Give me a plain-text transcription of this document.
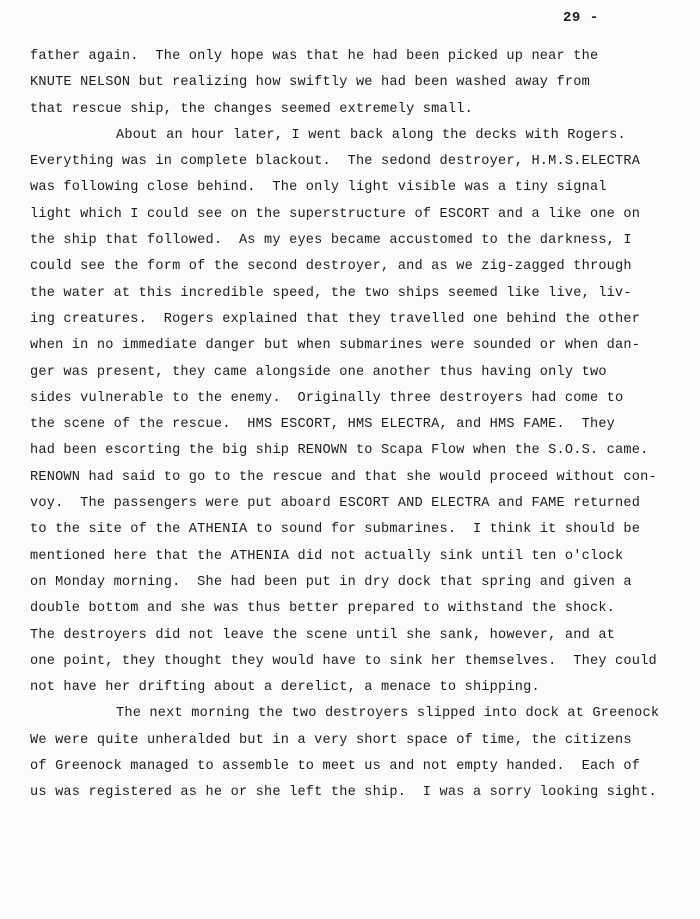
29 -
father again.  The only hope was that he had been picked up near the
KNUTE NELSON but realizing how swiftly we had been washed away from
that rescue ship, the changes seemed extremely small.
About an hour later, I went back along the decks with Rogers.
Everything was in complete blackout.  The sedond destroyer, H.M.S.ELECTRA
was following close behind.  The only light visible was a tiny signal
light which I could see on the superstructure of ESCORT and a like one on
the ship that followed.  As my eyes became accustomed to the darkness, I
could see the form of the second destroyer, and as we zig-zagged through
the water at this incredible speed, the two ships seemed like live, liv-
ing creatures.  Rogers explained that they travelled one behind the other
when in no immediate danger but when submarines were sounded or when dan-
ger was present, they came alongside one another thus having only two
sides vulnerable to the enemy.  Originally three destroyers had come to
the scene of the rescue.  HMS ESCORT, HMS ELECTRA, and HMS FAME.  They
had been escorting the big ship RENOWN to Scapa Flow when the S.O.S. came.
RENOWN had said to go to the rescue and that she would proceed without con-
voy.  The passengers were put aboard ESCORT AND ELECTRA and FAME returned
to the site of the ATHENIA to sound for submarines.  I think it should be
mentioned here that the ATHENIA did not actually sink until ten o'clock
on Monday morning.  She had been put in dry dock that spring and given a
double bottom and she was thus better prepared to withstand the shock.
The destroyers did not leave the scene until she sank, however, and at
one point, they thought they would have to sink her themselves.  They could
not have her drifting about a derelict, a menace to shipping.
The next morning the two destroyers slipped into dock at Greenock
We were quite unheralded but in a very short space of time, the citizens
of Greenock managed to assemble to meet us and not empty handed.  Each of
us was registered as he or she left the ship.  I was a sorry looking sight.
